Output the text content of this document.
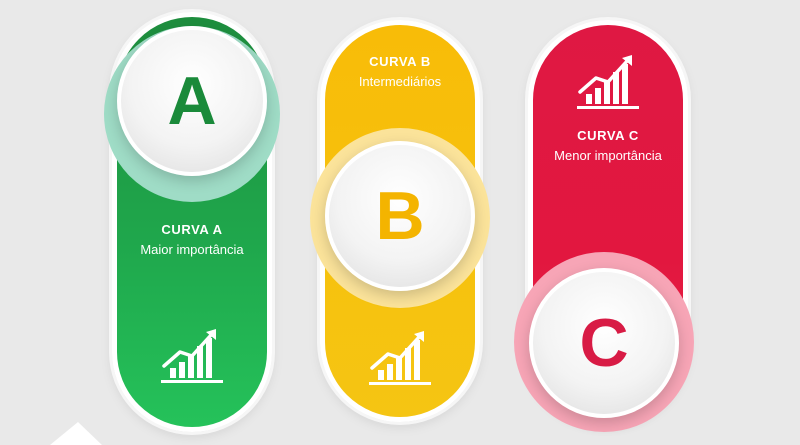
A
CURVA A
Maior importância
CURVA B
Intermediários
B
CURVA C
Menor importância
C
